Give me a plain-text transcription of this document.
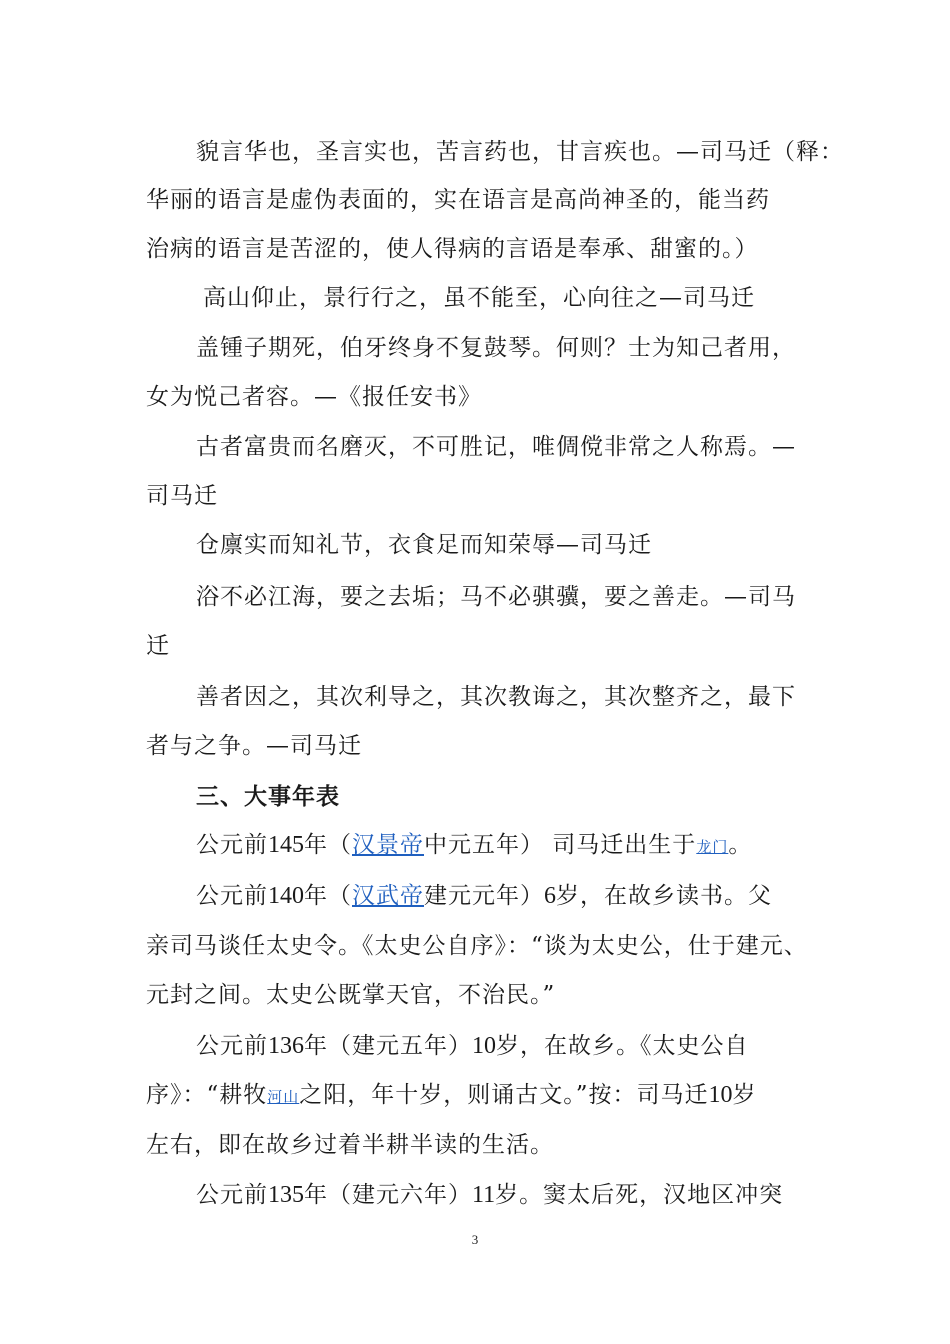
貌言华也，圣言实也，苦言药也，甘言疾也。—司马迁（释：
华丽的语言是虚伪表面的，实在语言是高尚神圣的，能当药
治病的语言是苦涩的，使人得病的言语是奉承、甜蜜的。）
高山仰止，景行行之，虽不能至，心向往之—司马迁
盖锺子期死，伯牙终身不复鼓琴。何则？士为知己者用，
女为悦己者容。—《报任安书》
古者富贵而名磨灭，不可胜记，唯倜傥非常之人称焉。—
司马迁
仓廪实而知礼节，衣食足而知荣辱—司马迁
浴不必江海，要之去垢；马不必骐骥，要之善走。—司马
迁
善者因之，其次利导之，其次教诲之，其次整齐之，最下
者与之争。—司马迁
三、大事年表
公元前145年（汉景帝中元五年） 司马迁出生于龙门。
公元前140年（汉武帝建元元年）6岁，在故乡读书。父
亲司马谈任太史令。《太史公自序》：“谈为太史公，仕于建元、
元封之间。太史公既掌天官，不治民。”
公元前136年（建元五年）10岁，在故乡。《太史公自
序》：“耕牧河山之阳，年十岁，则诵古文。”按：司马迁10岁
左右，即在故乡过着半耕半读的生活。
公元前135年（建元六年）11岁。窦太后死，汉地区冲突
3
